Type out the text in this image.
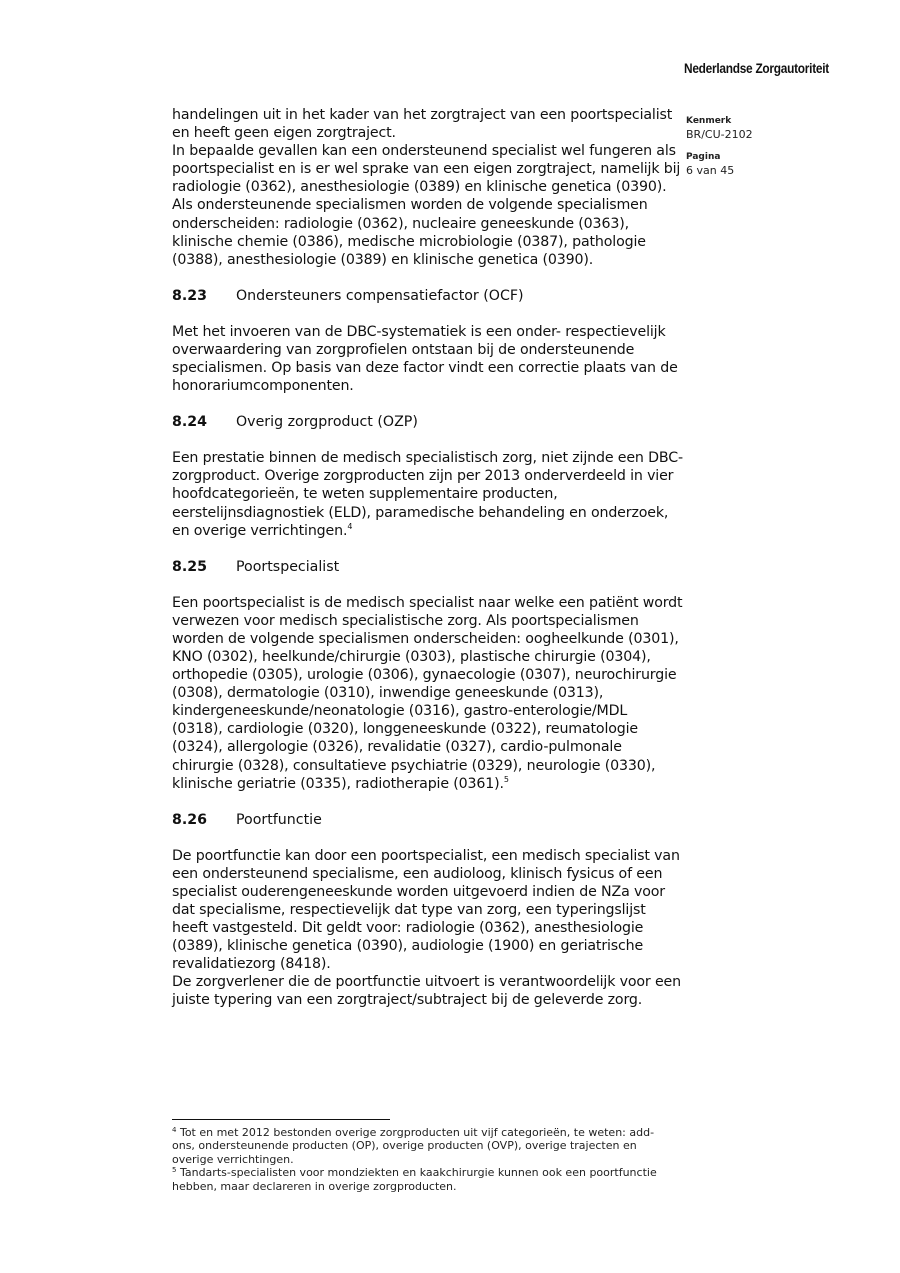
Nederlandse Zorgautoriteit
Kenmerk
BR/CU-2102
Pagina
6 van 45

handelingen uit in het kader van het zorgtraject van een poortspecialist
en heeft geen eigen zorgtraject.
In bepaalde gevallen kan een ondersteunend specialist wel fungeren als
poortspecialist en is er wel sprake van een eigen zorgtraject, namelijk bij
radiologie (0362), anesthesiologie (0389) en klinische genetica (0390).
Als ondersteunende specialismen worden de volgende specialismen
onderscheiden: radiologie (0362), nucleaire geneeskunde (0363),
klinische chemie (0386), medische microbiologie (0387), pathologie
(0388), anesthesiologie (0389) en klinische genetica (0390).

8.23	Ondersteuners compensatiefactor (OCF)

Met het invoeren van de DBC-systematiek is een onder- respectievelijk
overwaardering van zorgprofielen ontstaan bij de ondersteunende
specialismen. Op basis van deze factor vindt een correctie plaats van de
honorariumcomponenten.

8.24	Overig zorgproduct (OZP)

Een prestatie binnen de medisch specialistisch zorg, niet zijnde een DBC-
zorgproduct. Overige zorgproducten zijn per 2013 onderverdeeld in vier
hoofdcategorieën, te weten supplementaire producten,
eerstelijnsdiagnostiek (ELD), paramedische behandeling en onderzoek,
en overige verrichtingen.$^4$

8.25	Poortspecialist

Een poortspecialist is de medisch specialist naar welke een patiënt wordt
verwezen voor medisch specialistische zorg. Als poortspecialismen
worden de volgende specialismen onderscheiden: oogheelkunde (0301),
KNO (0302), heelkunde/chirurgie (0303), plastische chirurgie (0304),
orthopedie (0305), urologie (0306), gynaecologie (0307), neurochirurgie
(0308), dermatologie (0310), inwendige geneeskunde (0313),
kindergeneeskunde/neonatologie (0316), gastro-enterologie/MDL
(0318), cardiologie (0320), longgeneeskunde (0322), reumatologie
(0324), allergologie (0326), revalidatie (0327), cardio-pulmonale
chirurgie (0328), consultatieve psychiatrie (0329), neurologie (0330),
klinische geriatrie (0335), radiotherapie (0361).$^5$

8.26	Poortfunctie

De poortfunctie kan door een poortspecialist, een medisch specialist van
een ondersteunend specialisme, een audioloog, klinisch fysicus of een
specialist ouderengeneeskunde worden uitgevoerd indien de NZa voor
dat specialisme, respectievelijk dat type van zorg, een typeringslijst
heeft vastgesteld. Dit geldt voor: radiologie (0362), anesthesiologie
(0389), klinische genetica (0390), audiologie (1900) en geriatrische
revalidatiezorg (8418).
De zorgverlener die de poortfunctie uitvoert is verantwoordelijk voor een
juiste typering van een zorgtraject/subtraject bij de geleverde zorg.

$^4$ Tot en met 2012 bestonden overige zorgproducten uit vijf categorieën, te weten: add-
ons, ondersteunende producten (OP), overige producten (OVP), overige trajecten en
overige verrichtingen.
$^5$ Tandarts-specialisten voor mondziekten en kaakchirurgie kunnen ook een poortfunctie
hebben, maar declareren in overige zorgproducten.
